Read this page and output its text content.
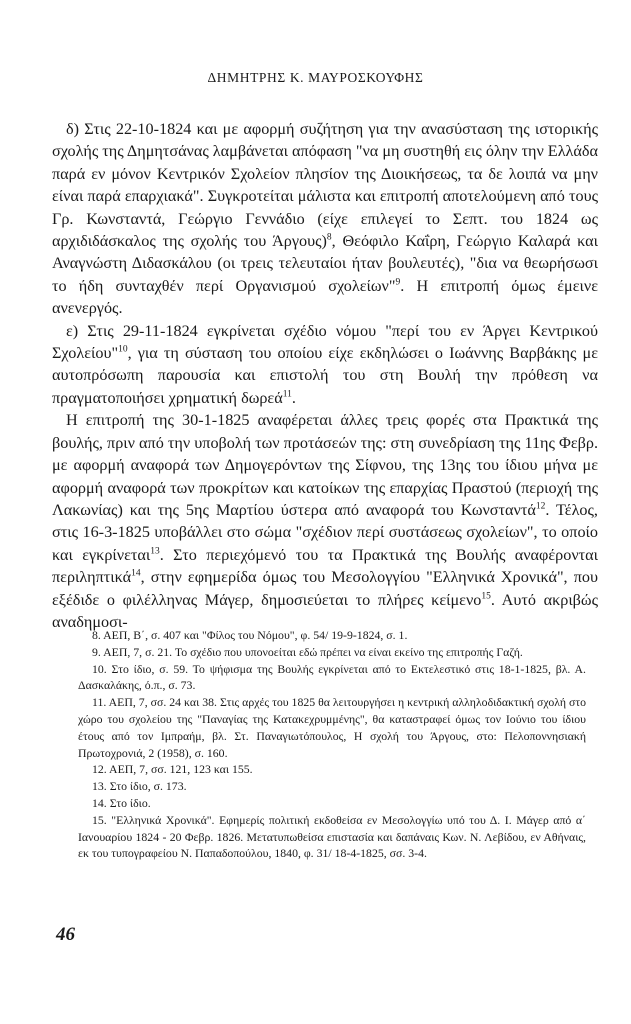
ΔΗΜΗΤΡΗΣ Κ. ΜΑΥΡΟΣΚΟΥΦΗΣ

δ) Στις 22-10-1824 και με αφορμή συζήτηση για την ανασύσταση της ιστορικής σχολής της Δημητσάνας λαμβάνεται απόφαση "να μη συστηθή εις όλην την Ελλάδα παρά εν μόνον Κεντρικόν Σχολείον πλησίον της Διοικήσεως, τα δε λοιπά να μην είναι παρά επαρχιακά". Συγκροτείται μάλιστα και επιτροπή αποτελούμενη από τους Γρ. Κωνσταντά, Γεώργιο Γεννάδιο (είχε επιλεγεί το Σεπτ. του 1824 ως αρχιδιδάσκαλος της σχολής του Άργους)$^8$, Θεόφιλο Καΐρη, Γεώργιο Καλαρά και Αναγνώστη Διδασκάλου (οι τρεις τελευταίοι ήταν βουλευτές), "δια να θεωρήσωσι το ήδη συνταχθέν περί Οργανισμού σχολείων"$^9$. Η επιτροπή όμως έμεινε ανενεργός.

ε) Στις 29-11-1824 εγκρίνεται σχέδιο νόμου "περί του εν Άργει Κεντρικού Σχολείου"$^{10}$, για τη σύσταση του οποίου είχε εκδηλώσει ο Ιωάννης Βαρβάκης με αυτοπρόσωπη παρουσία και επιστολή του στη Βουλή την πρόθεση να πραγματοποιήσει χρηματική δωρεά$^{11}$.

Η επιτροπή της 30-1-1825 αναφέρεται άλλες τρεις φορές στα Πρακτικά της βουλής, πριν από την υποβολή των προτάσεών της: στη συνεδρίαση της 11ης Φεβρ. με αφορμή αναφορά των Δημογερόντων της Σίφνου, της 13ης του ίδιου μήνα με αφορμή αναφορά των προκρίτων και κατοίκων της επαρχίας Πραστού (περιοχή της Λακωνίας) και της 5ης Μαρτίου ύστερα από αναφορά του Κωνσταντά$^{12}$. Τέλος, στις 16-3-1825 υποβάλλει στο σώμα "σχέδιον περί συστάσεως σχολείων", το οποίο και εγκρίνεται$^{13}$. Στο περιεχόμενό του τα Πρακτικά της Βουλής αναφέρονται περιληπτικά$^{14}$, στην εφημερίδα όμως του Μεσολογγίου "Ελληνικά Χρονικά", που εξέδιδε ο φιλέλληνας Μάγερ, δημοσιεύεται το πλήρες κείμενο$^{15}$. Αυτό ακριβώς αναδημοσι-

8. ΑΕΠ, Β΄, σ. 407 και "Φίλος του Νόμου", φ. 54/ 19-9-1824, σ. 1.
9. ΑΕΠ, 7, σ. 21. Το σχέδιο που υπονοείται εδώ πρέπει να είναι εκείνο της επιτροπής Γαζή.
10. Στο ίδιο, σ. 59. Το ψήφισμα της Βουλής εγκρίνεται από το Εκτελεστικό στις 18-1-1825, βλ. Α. Δασκαλάκης, ό.π., σ. 73.
11. ΑΕΠ, 7, σσ. 24 και 38. Στις αρχές του 1825 θα λειτουργήσει η κεντρική αλληλοδιδακτική σχολή στο χώρο του σχολείου της "Παναγίας της Κατακεχρυμμένης", θα καταστραφεί όμως τον Ιούνιο του ίδιου έτους από τον Ιμπραήμ, βλ. Στ. Παναγιωτόπουλος, Η σχολή του Άργους, στο: Πελοποννησιακή Πρωτοχρονιά, 2 (1958), σ. 160.
12. ΑΕΠ, 7, σσ. 121, 123 και 155.
13. Στο ίδιο, σ. 173.
14. Στο ίδιο.
15. "Ελληνικά Χρονικά". Εφημερίς πολιτική εκδοθείσα εν Μεσολογγίω υπό του Δ. Ι. Μάγερ από α΄ Ιανουαρίου 1824 - 20 Φεβρ. 1826. Μετατυπωθείσα επιστασία και δαπάναις Κων. Ν. Λεβίδου, εν Αθήναις, εκ του τυπογραφείου Ν. Παπαδοπούλου, 1840, φ. 31/ 18-4-1825, σσ. 3-4.
46
